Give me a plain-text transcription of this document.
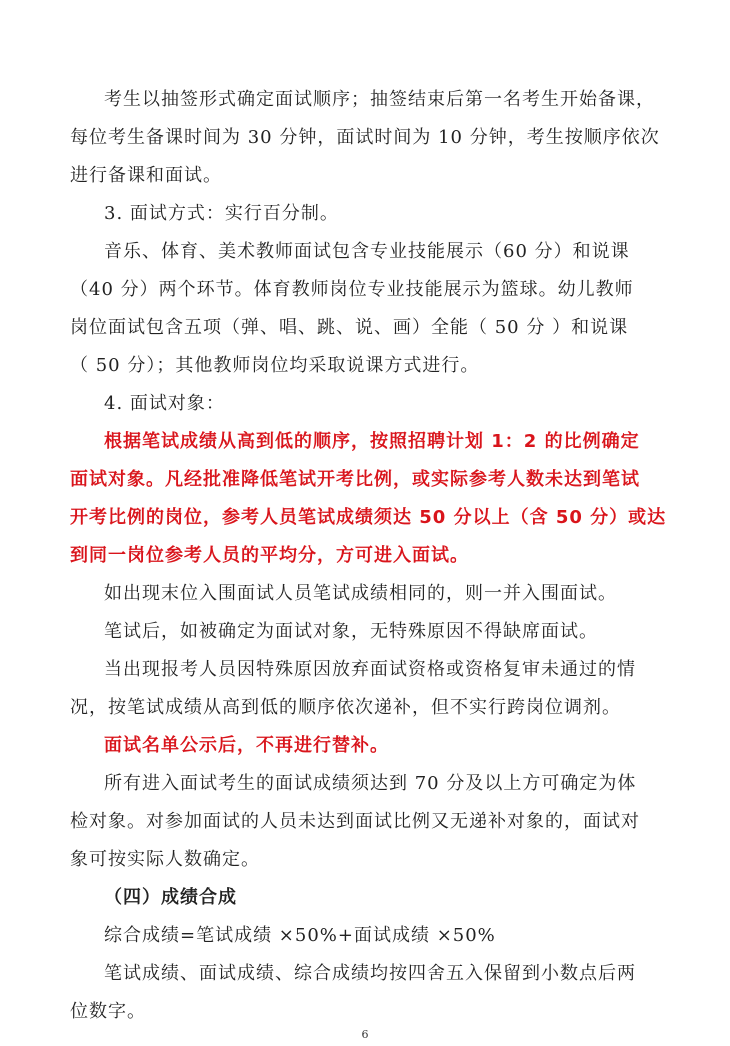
考生以抽签形式确定面试顺序；抽签结束后第一名考生开始备课，
每位考生备课时间为 30 分钟，面试时间为 10 分钟，考生按顺序依次
进行备课和面试。
3. 面试方式：实行百分制。
音乐、体育、美术教师面试包含专业技能展示（60 分）和说课
（40 分）两个环节。体育教师岗位专业技能展示为篮球。幼儿教师
岗位面试包含五项（弹、唱、跳、说、画）全能（ 50 分 ）和说课
（ 50 分）；其他教师岗位均采取说课方式进行。
4. 面试对象：
根据笔试成绩从高到低的顺序，按照招聘计划 1：2 的比例确定
面试对象。凡经批准降低笔试开考比例，或实际参考人数未达到笔试
开考比例的岗位，参考人员笔试成绩须达 50 分以上（含 50 分）或达
到同一岗位参考人员的平均分，方可进入面试。
如出现末位入围面试人员笔试成绩相同的，则一并入围面试。
笔试后，如被确定为面试对象，无特殊原因不得缺席面试。
当出现报考人员因特殊原因放弃面试资格或资格复审未通过的情
况，按笔试成绩从高到低的顺序依次递补，但不实行跨岗位调剂。
面试名单公示后，不再进行替补。
所有进入面试考生的面试成绩须达到 70 分及以上方可确定为体
检对象。对参加面试的人员未达到面试比例又无递补对象的，面试对
象可按实际人数确定。
（四）成绩合成
综合成绩=笔试成绩 ×50%+面试成绩 ×50%
笔试成绩、面试成绩、综合成绩均按四舍五入保留到小数点后两
位数字。
6
